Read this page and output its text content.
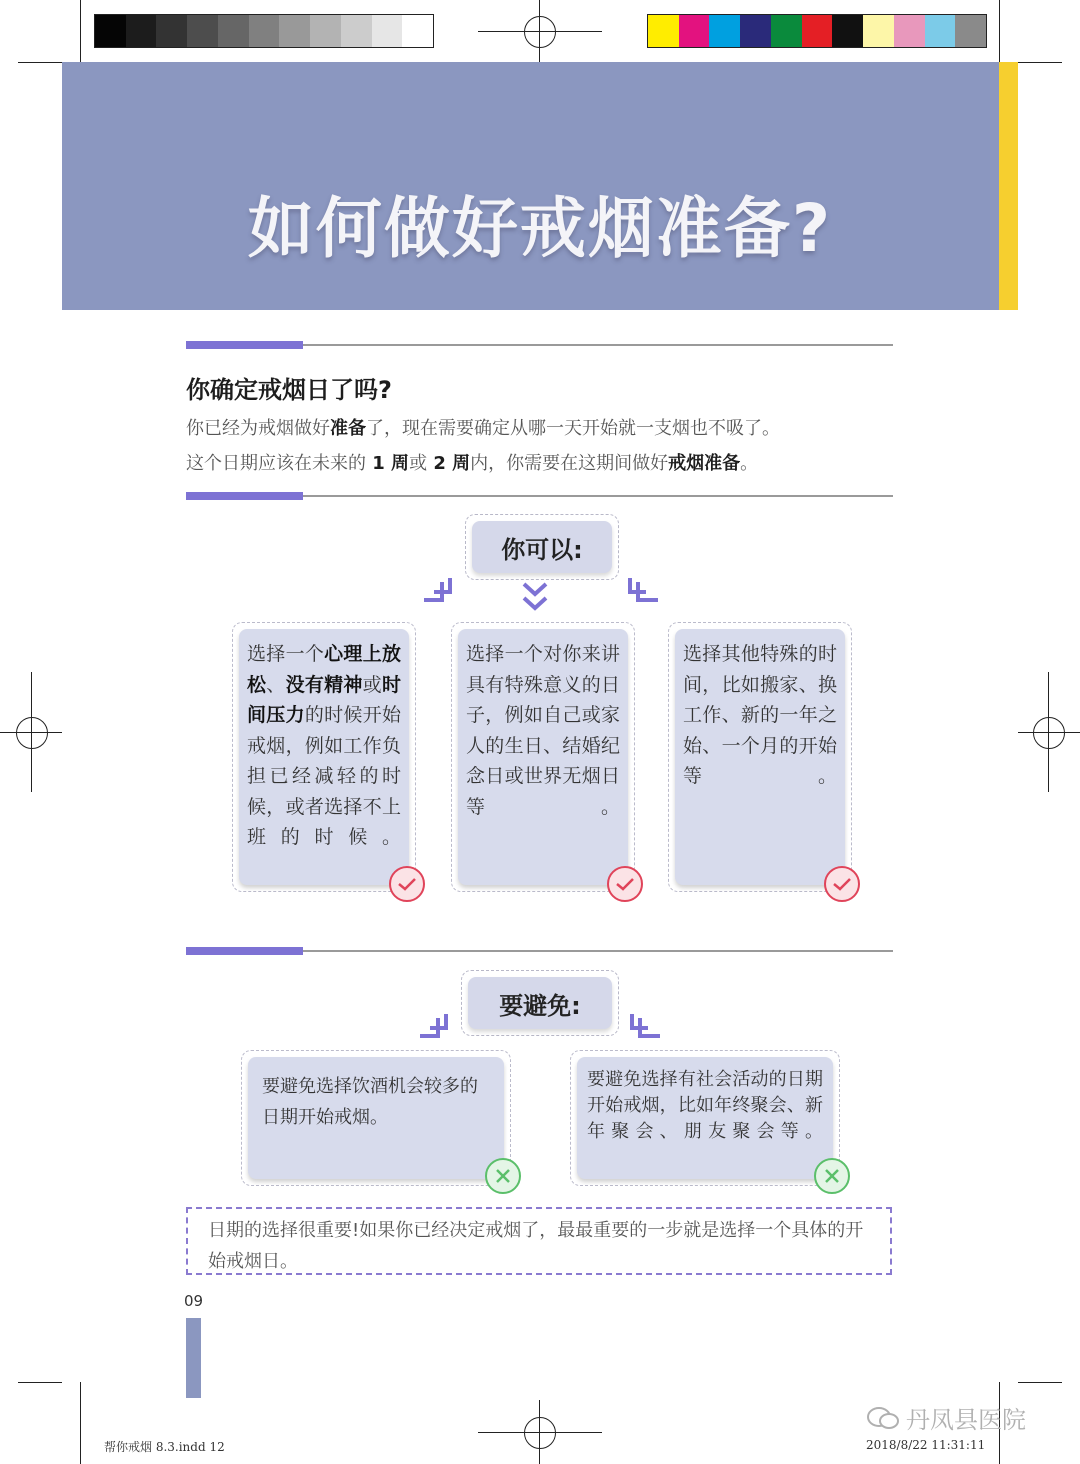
如何做好戒烟准备?
你确定戒烟日了吗?
你已经为戒烟做好准备了，现在需要确定从哪一天开始就一支烟也不吸了。
这个日期应该在未来的 1 周或 2 周内，你需要在这期间做好戒烟准备。
你可以:
选择一个心理上放松、没有精神或时间压力的时候开始戒烟，例如工作负担已经减轻的时候，或者选择不上班的时候。
选择一个对你来讲具有特殊意义的日子，例如自己或家人的生日、结婚纪念日或世界无烟日等。
选择其他特殊的时间，比如搬家、换工作、新的一年之始、一个月的开始等。
要避免:
要避免选择饮酒机会较多的日期开始戒烟。
要避免选择有社会活动的日期开始戒烟，比如年终聚会、新年聚会、朋友聚会等。
日期的选择很重要!如果你已经决定戒烟了，最最重要的一步就是选择一个具体的开始戒烟日。
09
帮你戒烟 8.3.indd 12
丹凤县医院
2018/8/22 11:31:11
